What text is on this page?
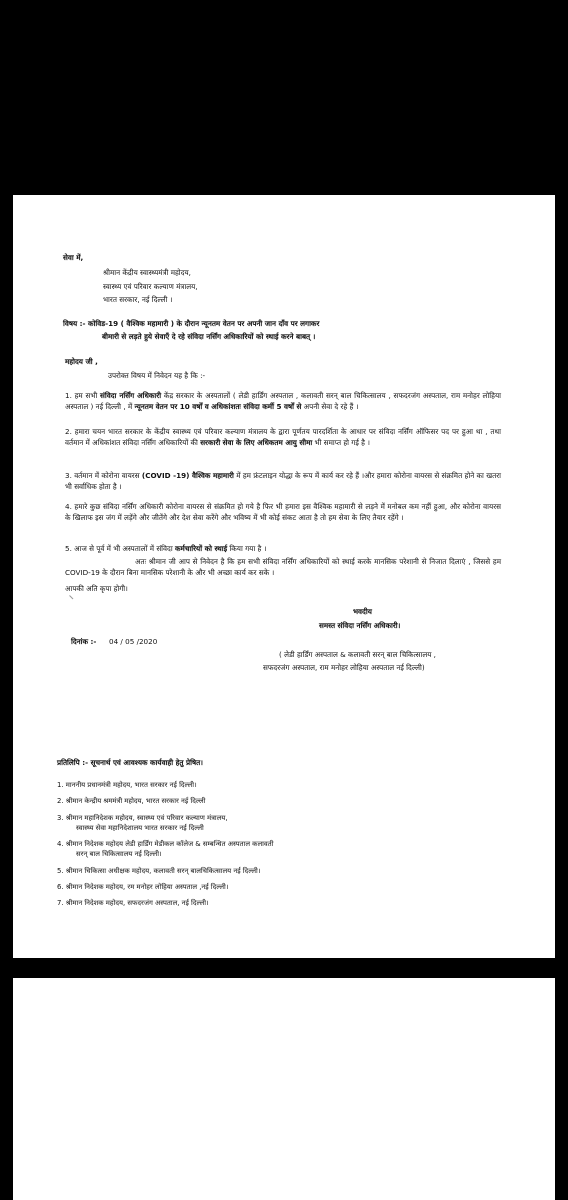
सेवा में,

श्रीमान केंद्रीय स्वास्थ्यमंत्री महोदय,

स्वास्थ्य एवं परिवार कल्याण मंत्रालय,

भारत सरकार, नई दिल्ली ।

विषय :- कोविड-19 ( वैश्विक महामारी ) के दौरान न्यूनतम वेतन पर अपनी जान दाँव पर लगाकर

बीमारी से लड़ते हुये सेवाएँ दे रहे संविदा नर्सिंग अधिकारियों को स्थाई करने बाबत् ।

महोदय जी ,

उपरोक्त विषय में निवेदन यह है कि :-

1. हम सभी संविदा नर्सिंग अधिकारी केंद्र सरकार के अस्पतालों ( लेडी हार्डिंग अस्पताल , कलावती सरन् बाल चिकित्सालय , सफदरजंग अस्पताल, राम मनोहर लोहिया अस्पताल ) नई दिल्ली , में न्यूनतम वेतन पर 10 वर्षों व अधिकांशतः संविदा कर्मी 5 वर्षों से अपनी सेवा दे रहे हैं ।

2. हमारा चयन भारत सरकार के केंद्रीय स्वास्थ्य एवं परिवार कल्याण मंत्रालय के द्वारा पूर्णतय पारदर्शिता के आधार पर संविदा नर्सिंग ऑफिसर पद पर हुआ था , तथा वर्तमान में अधिकांशत संविदा नर्सिंग अधिकारियों की सरकारी सेवा के लिए अधिकतम आयु सीमा भी समाप्त हो गई है ।

3. वर्तमान में कोरोना वायरस (COVID -19) वैश्विक महामारी में हम फ्रंटलाइन योद्धा के रूप में कार्य कर रहे हैं ।और हमारा कोरोना वायरस से संक्रमित होने का खतरा भी सर्वाधिक होता है ।

4. हमारे कुछ संविदा नर्सिंग अधिकारी कोरोना वायरस से संक्रमित हो गये है फिर भी हमारा इस वैश्विक महामारी से लड़ने में मनोबल कम नहीं हुआ, और कोरोना वायरस के खिलाफ इस जंग में लड़ेंगे और जीतेंगे और देश सेवा करेंगे और भविष्य में भी कोई संकट आता है तो हम सेवा के लिए तैयार रहेंगे ।

5. आज से पूर्व में भी अस्पतालों में संविदा कर्मचारियों को स्थाई किया गया है ।

अतः श्रीमान जी आप से निवेदन है कि हम सभी संविदा नर्सिंग अधिकारियों को स्थाई करके मानसिक परेशानी से निजात दिलाएं , जिससे हम COVID-19 के दौरान बिना मानसिक परेशानी के और भी अच्छा कार्य कर सके ।

आपकी अति कृपा होगी।

भवदीय

समस्त संविदा नर्सिंग अधिकारी।

दिनांक :- 04 / 05 /2020

( लेडी हार्डिंग अस्पताल & कलावती सरन् बाल चिकित्सालय ,

सफदरजंग अस्पताल, राम मनोहर लोहिया अस्पताल नई दिल्ली)

प्रतिलिपि :- सूचनार्थ एवं आवश्यक कार्यवाही हेतु प्रेषित।

1. माननीय प्रधानमंत्री महोदय, भारत सरकार नई दिल्ली।
2. श्रीमान केन्द्रीय श्रममंत्री महोदय, भारत सरकार नई दिल्ली
3. श्रीमान महानिदेशक महोदय, स्वास्थ्य एवं परिवार कल्याण मंत्रालय,
स्वास्थ्य सेवा महानिदेशालय भारत सरकार नई दिल्ली
4. श्रीमान निदेशक महोदय लेडी हार्डिंग मेडीकल कॉलेज & सम्बन्धित अस्पताल कलावती
सरन् बाल चिकित्सालय नई दिल्ली।
5. श्रीमान चिकित्सा अधीक्षक महोदय, कलावती सरन् बालचिकित्सालय नई दिल्ली।
6. श्रीमान निदेशक महोदय, रम मनोहर लोहिया अस्पताल ,नई दिल्ली।
7. श्रीमान निदेशक महोदय, सफदरजंग अस्पताल, नई दिल्ली।
